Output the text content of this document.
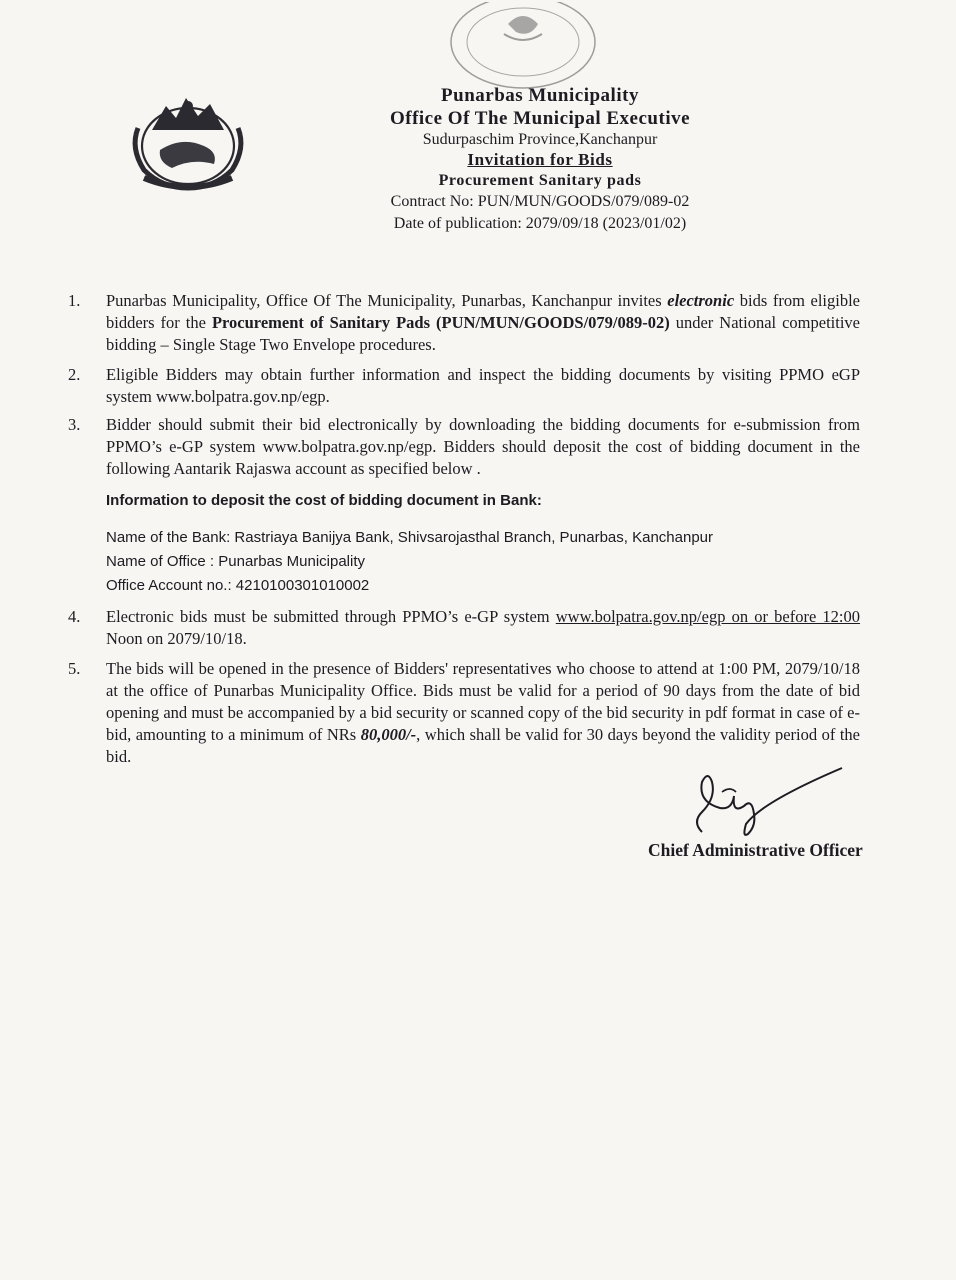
Punarbas Municipality
Office Of The Municipal Executive
Sudurpaschim Province,Kanchanpur
Invitation for Bids
Procurement Sanitary pads
Contract No: PUN/MUN/GOODS/079/089-02
Date of publication: 2079/09/18 (2023/01/02)
1.	Punarbas Municipality, Office Of The Municipality, Punarbas, Kanchanpur invites electronic bids from eligible bidders for the Procurement of Sanitary Pads (PUN/MUN/GOODS/079/089-02) under National competitive bidding – Single Stage Two Envelope procedures.
2.	Eligible Bidders may obtain further information and inspect the bidding documents by visiting PPMO eGP system www.bolpatra.gov.np/egp.
3.	Bidder should submit their bid electronically by downloading the bidding documents for e-submission from PPMO’s e-GP system www.bolpatra.gov.np/egp. Bidders should deposit the cost of bidding document in the following Aantarik Rajaswa account as specified below .
Information to deposit the cost of bidding document in Bank:
Name of the Bank: Rastriaya Banijya Bank, Shivsarojasthal Branch, Punarbas, Kanchanpur
Name of Office : Punarbas Municipality
Office Account no.: 4210100301010002
4.	Electronic bids must be submitted through PPMO’s e-GP system www.bolpatra.gov.np/egp on or before 12:00 Noon on 2079/10/18.
5.	The bids will be opened in the presence of Bidders' representatives who choose to attend at 1:00 PM, 2079/10/18 at the office of Punarbas Municipality Office. Bids must be valid for a period of 90 days from the date of bid opening and must be accompanied by a bid security or scanned copy of the bid security in pdf format in case of e-bid, amounting to a minimum of NRs 80,000/-, which shall be valid for 30 days beyond the validity period of the bid.
Chief Administrative Officer
